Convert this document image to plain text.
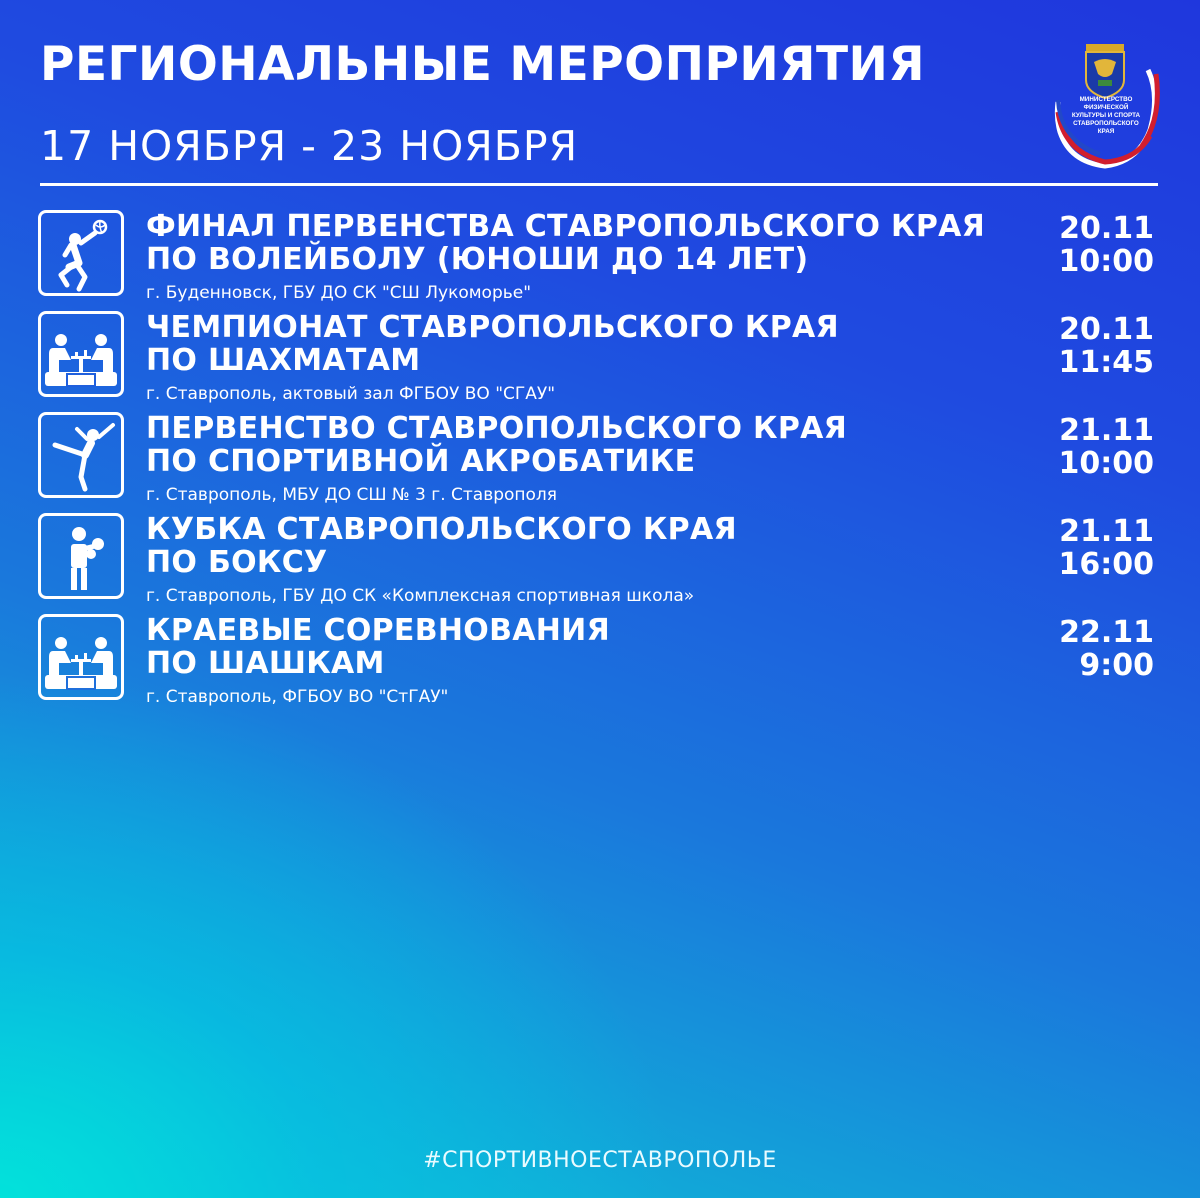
РЕГИОНАЛЬНЫЕ МЕРОПРИЯТИЯ
17 НОЯБРЯ - 23 НОЯБРЯ
МИНИСТЕРСТВО ФИЗИЧЕСКОЙ КУЛЬТУРЫ И СПОРТА СТАВРОПОЛЬСКОГО КРАЯ
ФИНАЛ ПЕРВЕНСТВА СТАВРОПОЛЬСКОГО КРАЯ
ПО ВОЛЕЙБОЛУ (ЮНОШИ ДО 14 ЛЕТ)
г. Буденновск, ГБУ ДО СК "СШ Лукоморье"
20.11
10:00
ЧЕМПИОНАТ СТАВРОПОЛЬСКОГО КРАЯ
ПО ШАХМАТАМ
г. Ставрополь, актовый зал ФГБОУ ВО "СГАУ"
20.11
11:45
ПЕРВЕНСТВО СТАВРОПОЛЬСКОГО КРАЯ
ПО СПОРТИВНОЙ АКРОБАТИКЕ
г. Ставрополь, МБУ ДО СШ № 3 г. Ставрополя
21.11
10:00
КУБКА СТАВРОПОЛЬСКОГО КРАЯ
ПО БОКСУ
г. Ставрополь, ГБУ ДО СК «Комплексная спортивная школа»
21.11
16:00
КРАЕВЫЕ СОРЕВНОВАНИЯ
ПО ШАШКАМ
г. Ставрополь, ФГБОУ ВО "СтГАУ"
22.11
9:00
#СПОРТИВНОЕСТАВРОПОЛЬЕ
